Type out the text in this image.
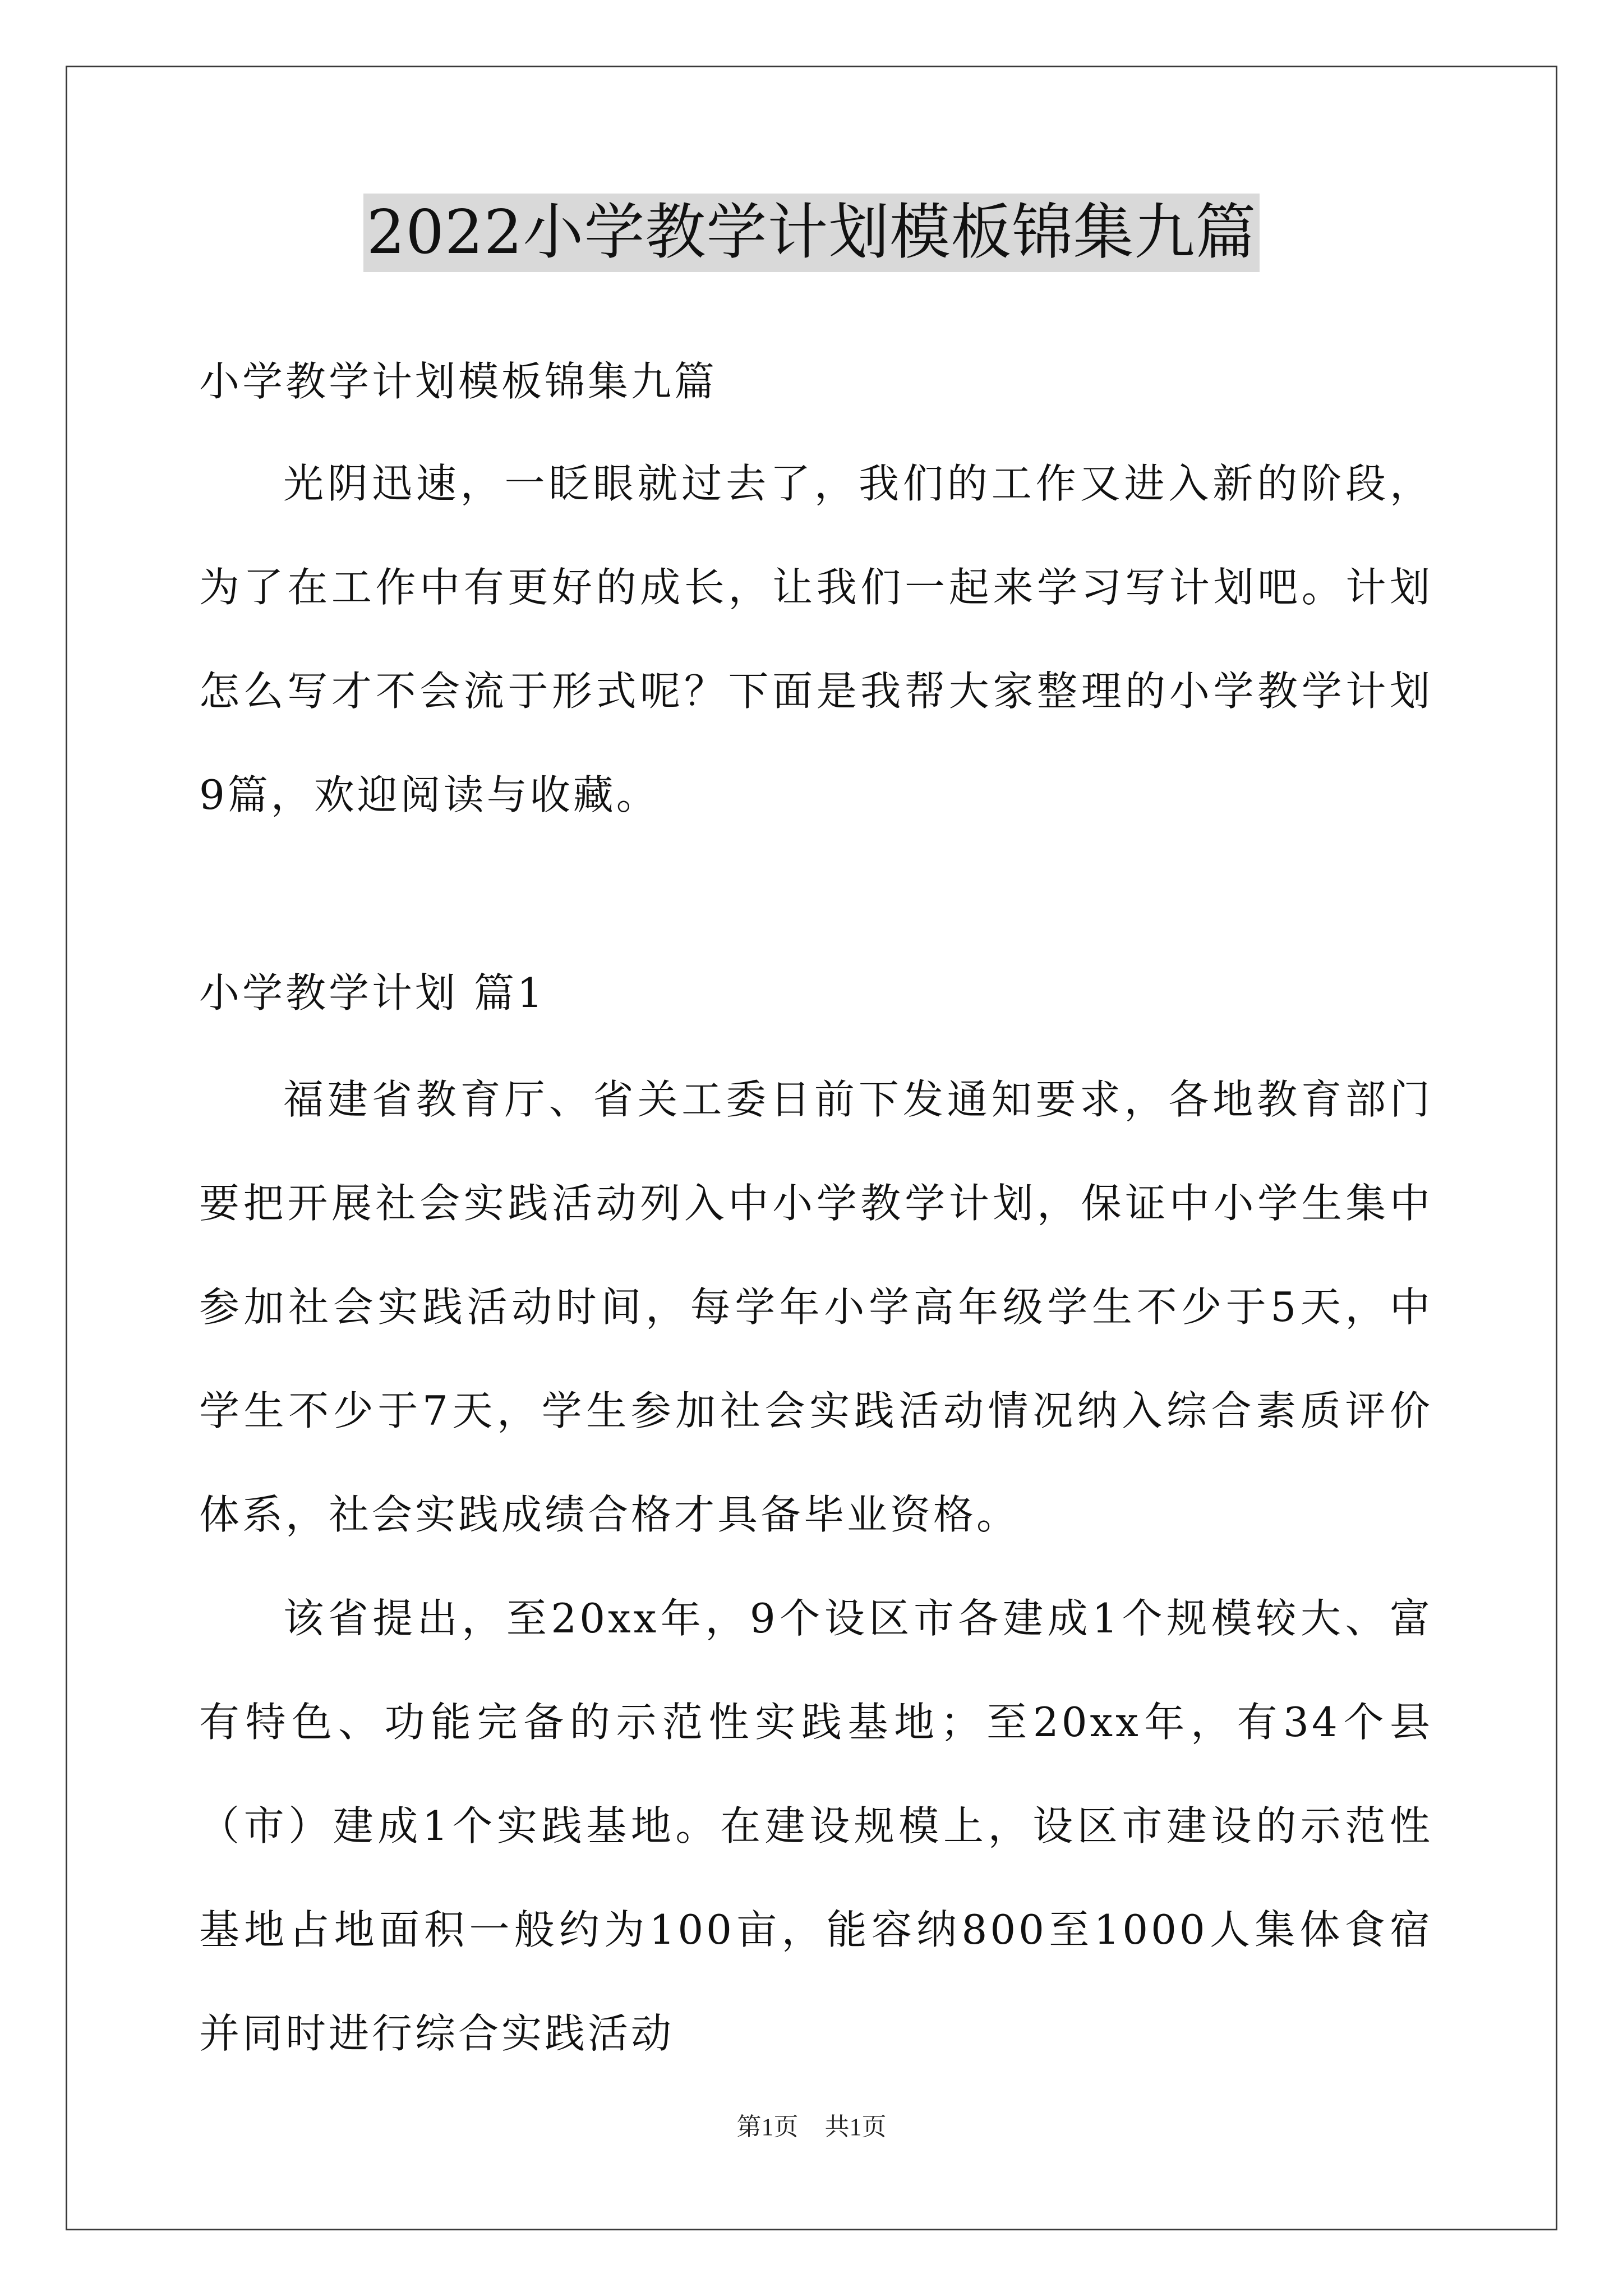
2022小学教学计划模板锦集九篇

小学教学计划模板锦集九篇

光阴迅速，一眨眼就过去了，我们的工作又进入新的阶段，为了在工作中有更好的成长，让我们一起来学习写计划吧。计划怎么写才不会流于形式呢？下面是我帮大家整理的小学教学计划9篇，欢迎阅读与收藏。

小学教学计划 篇1

福建省教育厅、省关工委日前下发通知要求，各地教育部门要把开展社会实践活动列入中小学教学计划，保证中小学生集中参加社会实践活动时间，每学年小学高年级学生不少于5天，中学生不少于7天，学生参加社会实践活动情况纳入综合素质评价体系，社会实践成绩合格才具备毕业资格。

该省提出，至20xx年，9个设区市各建成1个规模较大、富有特色、功能完备的示范性实践基地；至20xx年，有34个县（市）建成1个实践基地。在建设规模上，设区市建设的示范性基地占地面积一般约为100亩，能容纳800至1000人集体食宿并同时进行综合实践活动

第1页 共1页
